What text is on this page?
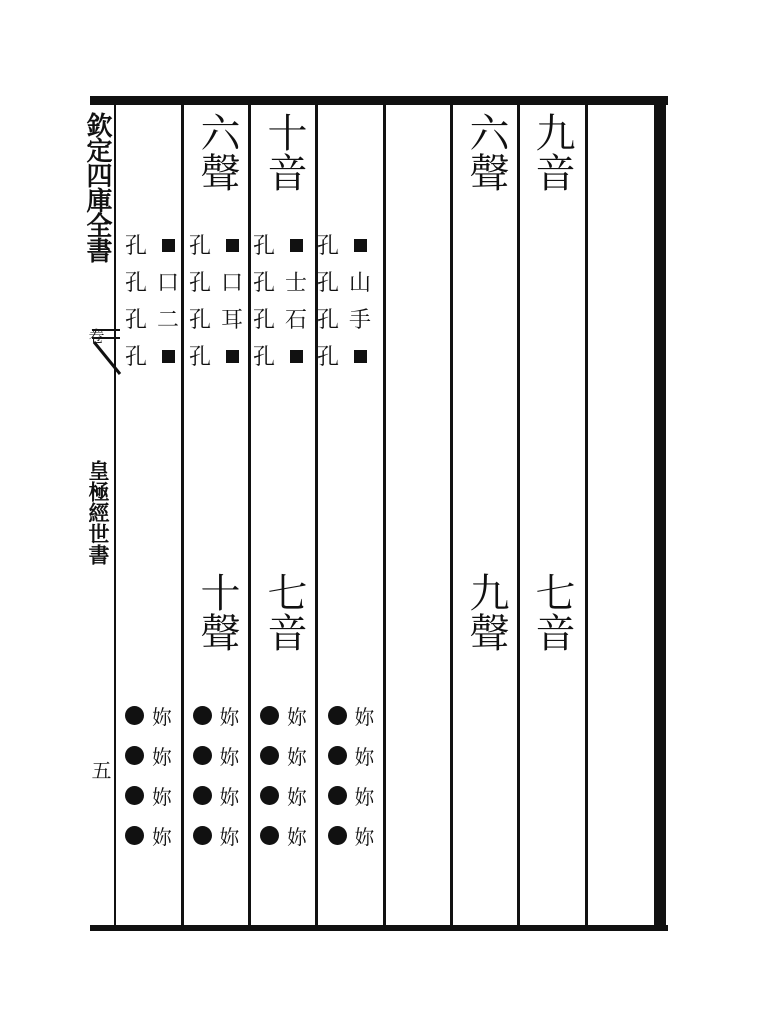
欽定四庫全書
卷
皇極經世書
五
六聲 十音	六聲 九音
十聲 七音	九聲 七音
孔 孔 孔 孔
孔 口 孔 口 孔 士 孔 山
孔 二 孔 耳 孔 石 孔 手
孔 孔 孔 孔
妳 妳 妳 妳
妳 妳 妳 妳
妳 妳 妳 妳
妳 妳 妳 妳
